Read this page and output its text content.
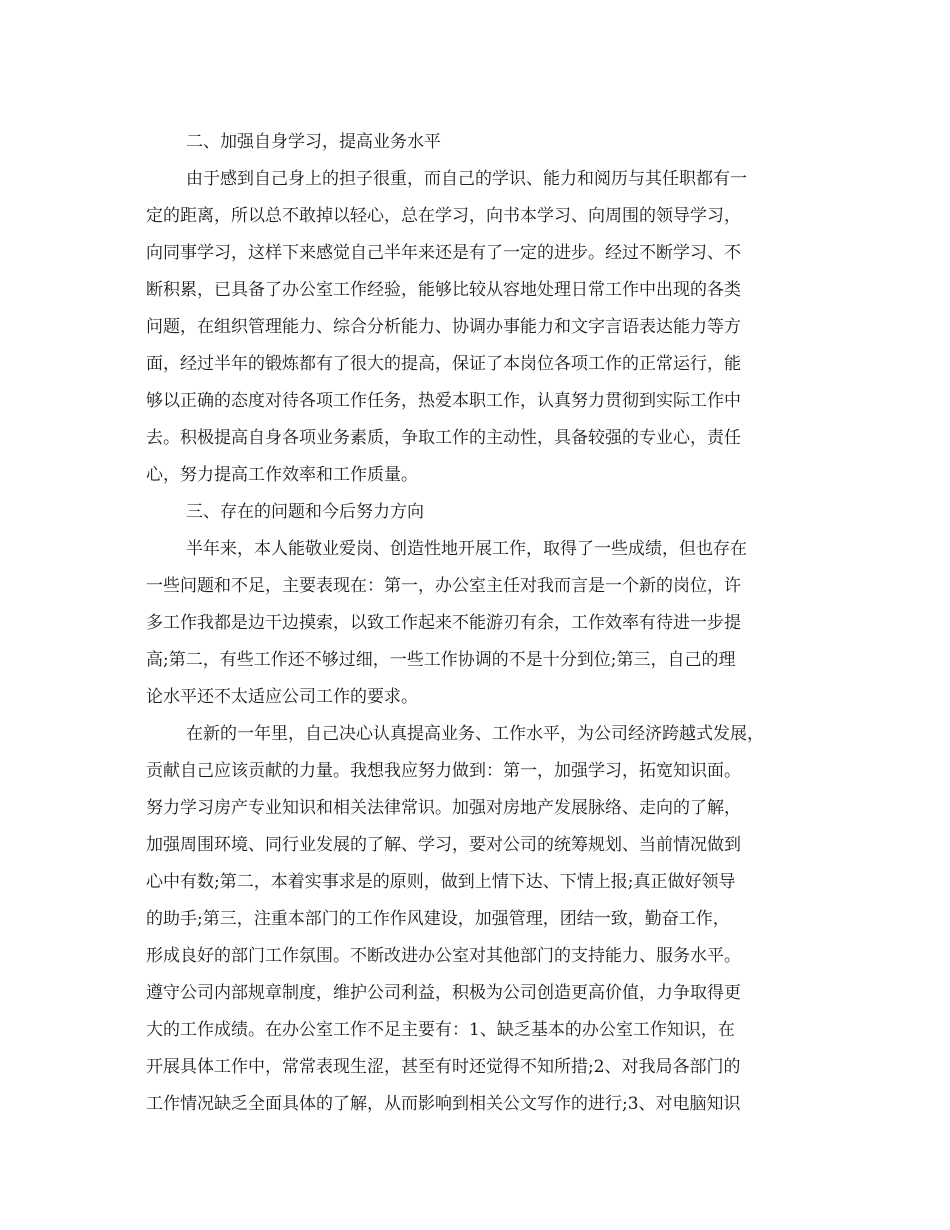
二、加强自身学习，提高业务水平
由于感到自己身上的担子很重，而自己的学识、能力和阅历与其任职都有一
定的距离，所以总不敢掉以轻心，总在学习，向书本学习、向周围的领导学习，
向同事学习，这样下来感觉自己半年来还是有了一定的进步。经过不断学习、不
断积累，已具备了办公室工作经验，能够比较从容地处理日常工作中出现的各类
问题，在组织管理能力、综合分析能力、协调办事能力和文字言语表达能力等方
面，经过半年的锻炼都有了很大的提高，保证了本岗位各项工作的正常运行，能
够以正确的态度对待各项工作任务，热爱本职工作，认真努力贯彻到实际工作中
去。积极提高自身各项业务素质，争取工作的主动性，具备较强的专业心，责任
心，努力提高工作效率和工作质量。
三、存在的问题和今后努力方向
半年来，本人能敬业爱岗、创造性地开展工作，取得了一些成绩，但也存在
一些问题和不足，主要表现在：第一，办公室主任对我而言是一个新的岗位，许
多工作我都是边干边摸索，以致工作起来不能游刃有余，工作效率有待进一步提
高;第二，有些工作还不够过细，一些工作协调的不是十分到位;第三，自己的理
论水平还不太适应公司工作的要求。
在新的一年里，自己决心认真提高业务、工作水平，为公司经济跨越式发展，
贡献自己应该贡献的力量。我想我应努力做到：第一，加强学习，拓宽知识面。
努力学习房产专业知识和相关法律常识。加强对房地产发展脉络、走向的了解，
加强周围环境、同行业发展的了解、学习，要对公司的统筹规划、当前情况做到
心中有数;第二，本着实事求是的原则，做到上情下达、下情上报;真正做好领导
的助手;第三，注重本部门的工作作风建设，加强管理，团结一致，勤奋工作，
形成良好的部门工作氛围。不断改进办公室对其他部门的支持能力、服务水平。
遵守公司内部规章制度，维护公司利益，积极为公司创造更高价值，力争取得更
大的工作成绩。在办公室工作不足主要有：1、缺乏基本的办公室工作知识，在
开展具体工作中，常常表现生涩，甚至有时还觉得不知所措;2、对我局各部门的
工作情况缺乏全面具体的了解，从而影响到相关公文写作的进行;3、对电脑知识
